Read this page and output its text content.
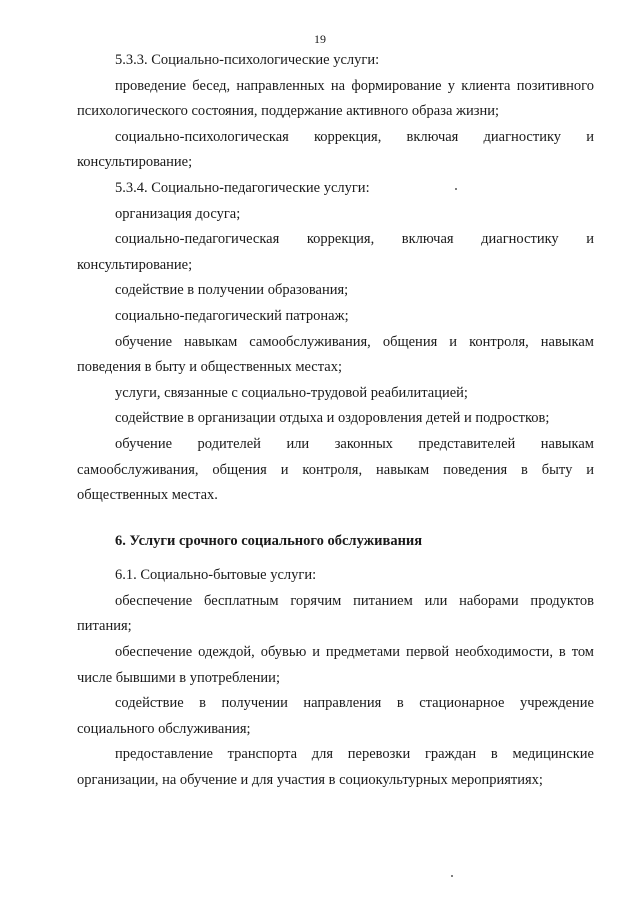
19

5.3.3. Социально-психологические услуги:

проведение бесед, направленных на формирование у клиента позитивного психологического состояния, поддержание активного образа жизни;

социально-психологическая коррекция, включая диагностику и консультирование;

5.3.4. Социально-педагогические услуги:

организация досуга;

социально-педагогическая коррекция, включая диагностику и консультирование;

содействие в получении образования;

социально-педагогический патронаж;

обучение навыкам самообслуживания, общения и контроля, навыкам поведения в быту и общественных местах;

услуги, связанные с социально-трудовой реабилитацией;

содействие в организации отдыха и оздоровления детей и подростков;

обучение родителей или законных представителей навыкам самообслуживания, общения и контроля, навыкам поведения в быту и общественных местах.

6. Услуги срочного социального обслуживания

6.1. Социально-бытовые услуги:

обеспечение бесплатным горячим питанием или наборами продуктов питания;

обеспечение одеждой, обувью и предметами первой необходимости, в том числе бывшими в употреблении;

содействие в получении направления в стационарное учреждение социального обслуживания;

предоставление транспорта для перевозки граждан в медицинские организации, на обучение и для участия в социокультурных мероприятиях;
